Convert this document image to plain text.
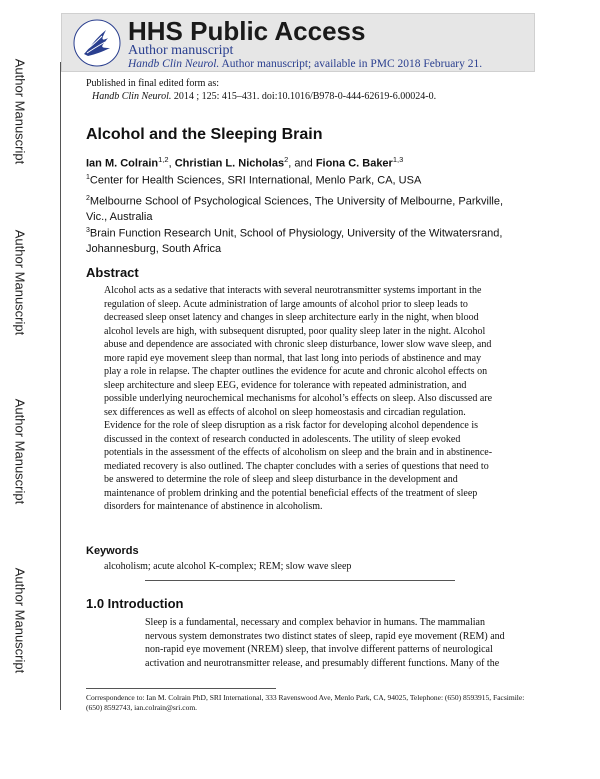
Author Manuscript
Author Manuscript
Author Manuscript
Author Manuscript
HHS Public Access
Author manuscript
Handb Clin Neurol. Author manuscript; available in PMC 2018 February 21.
Published in final edited form as:
Handb Clin Neurol. 2014 ; 125: 415–431. doi:10.1016/B978-0-444-62619-6.00024-0.
Alcohol and the Sleeping Brain
Ian M. Colrain$^{1,2}$, Christian L. Nicholas$^2$, and Fiona C. Baker$^{1,3}$
$^1$Center for Health Sciences, SRI International, Menlo Park, CA, USA
$^2$Melbourne School of Psychological Sciences, The University of Melbourne, Parkville, Vic., Australia
$^3$Brain Function Research Unit, School of Physiology, University of the Witwatersrand, Johannesburg, South Africa
Abstract
Alcohol acts as a sedative that interacts with several neurotransmitter systems important in the regulation of sleep. Acute administration of large amounts of alcohol prior to sleep leads to decreased sleep onset latency and changes in sleep architecture early in the night, when blood alcohol levels are high, with subsequent disrupted, poor quality sleep later in the night. Alcohol abuse and dependence are associated with chronic sleep disturbance, lower slow wave sleep, and more rapid eye movement sleep than normal, that last long into periods of abstinence and may play a role in relapse. The chapter outlines the evidence for acute and chronic alcohol effects on sleep architecture and sleep EEG, evidence for tolerance with repeated administration, and possible underlying neurochemical mechanisms for alcohol’s effects on sleep. Also discussed are sex differences as well as effects of alcohol on sleep homeostasis and circadian regulation. Evidence for the role of sleep disruption as a risk factor for developing alcohol dependence is discussed in the context of research conducted in adolescents. The utility of sleep evoked potentials in the assessment of the effects of alcoholism on sleep and the brain and in abstinence-mediated recovery is also outlined. The chapter concludes with a series of questions that need to be answered to determine the role of sleep and sleep disturbance in the development and maintenance of problem drinking and the potential beneficial effects of the treatment of sleep disorders for maintenance of abstinence in alcoholism.
Keywords
alcoholism; acute alcohol K-complex; REM; slow wave sleep
1.0 Introduction
Sleep is a fundamental, necessary and complex behavior in humans. The mammalian nervous system demonstrates two distinct states of sleep, rapid eye movement (REM) and non-rapid eye movement (NREM) sleep, that involve different patterns of neurological activation and neurotransmitter release, and presumably different functions. Many of the
Correspondence to: Ian M. Colrain PhD, SRI International, 333 Ravenswood Ave, Menlo Park, CA, 94025, Telephone: (650) 8593915, Facsimile: (650) 8592743, ian.colrain@sri.com.
